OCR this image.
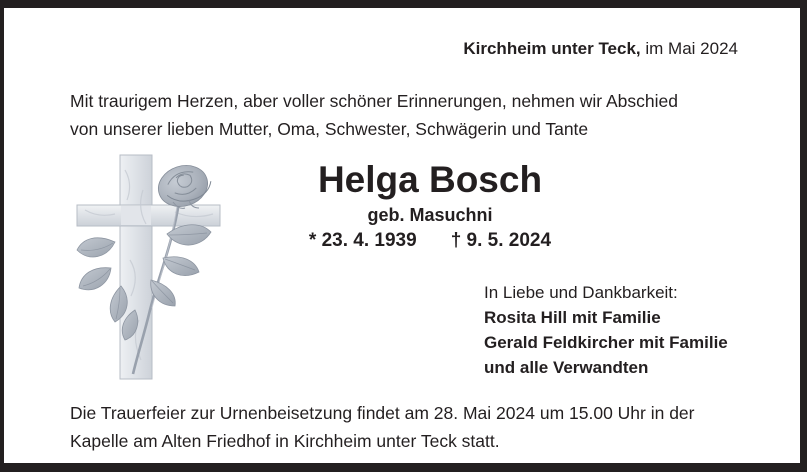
Kirchheim unter Teck, im Mai 2024
Mit traurigem Herzen, aber voller schöner Erinnerungen, nehmen wir Abschied
von unserer lieben Mutter, Oma, Schwester, Schwägerin und Tante
Helga Bosch
geb. Masuchni
* 23. 4. 1939 † 9. 5. 2024
In Liebe und Dankbarkeit:
Rosita Hill mit Familie
Gerald Feldkircher mit Familie
und alle Verwandten
Die Trauerfeier zur Urnenbeisetzung findet am 28. Mai 2024 um 15.00 Uhr in der
Kapelle am Alten Friedhof in Kirchheim unter Teck statt.
